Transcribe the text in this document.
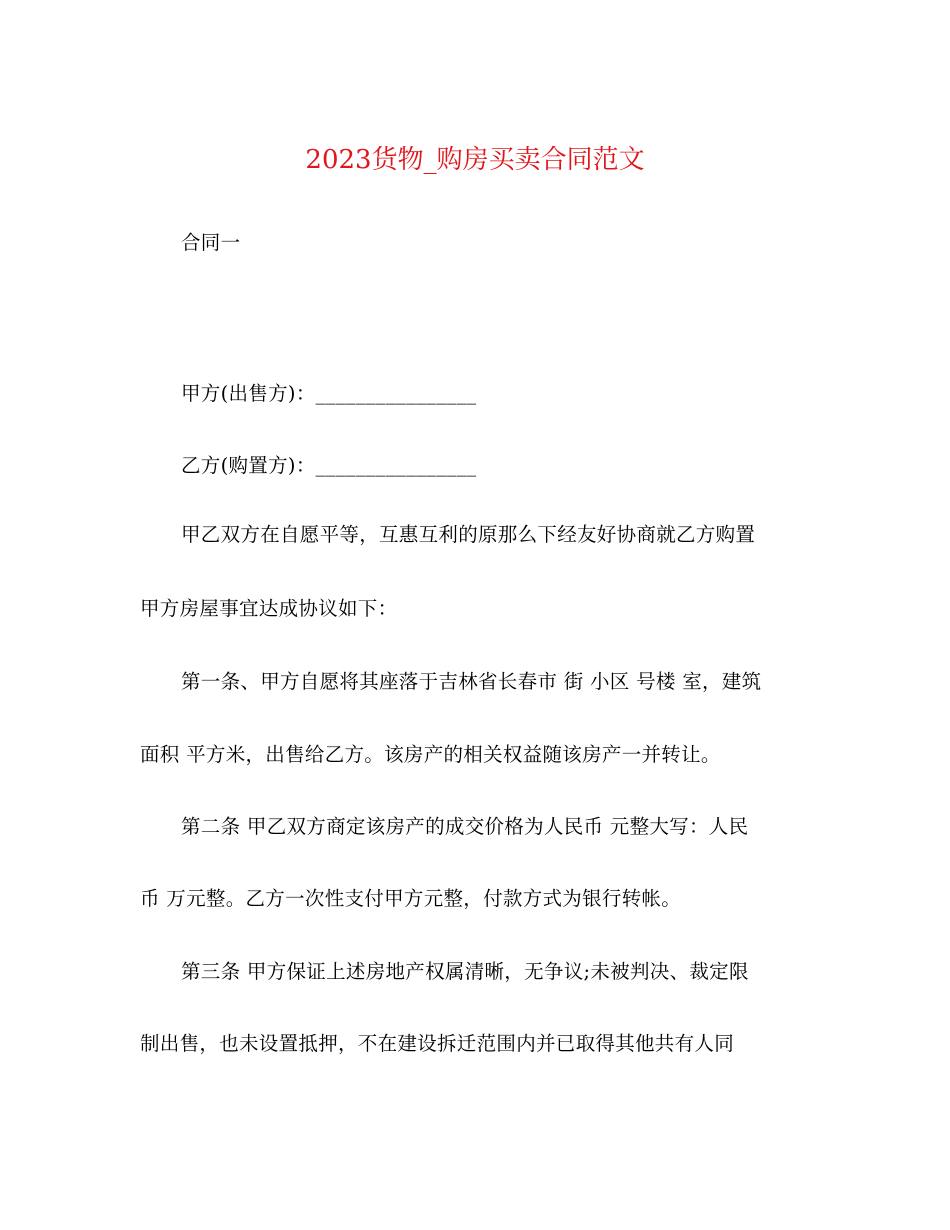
2023货物_购房买卖合同范文
合同一
甲方(出售方)：________________
乙方(购置方)：________________
甲乙双方在自愿平等，互惠互利的原那么下经友好协商就乙方购置
甲方房屋事宜达成协议如下：
第一条、甲方自愿将其座落于吉林省长春市 街 小区 号楼 室，建筑
面积 平方米，出售给乙方。该房产的相关权益随该房产一并转让。
第二条 甲乙双方商定该房产的成交价格为人民币 元整大写：人民
币 万元整。乙方一次性支付甲方元整，付款方式为银行转帐。
第三条 甲方保证上述房地产权属清晰，无争议;未被判决、裁定限
制出售，也未设置抵押，不在建设拆迁范围内并已取得其他共有人同
